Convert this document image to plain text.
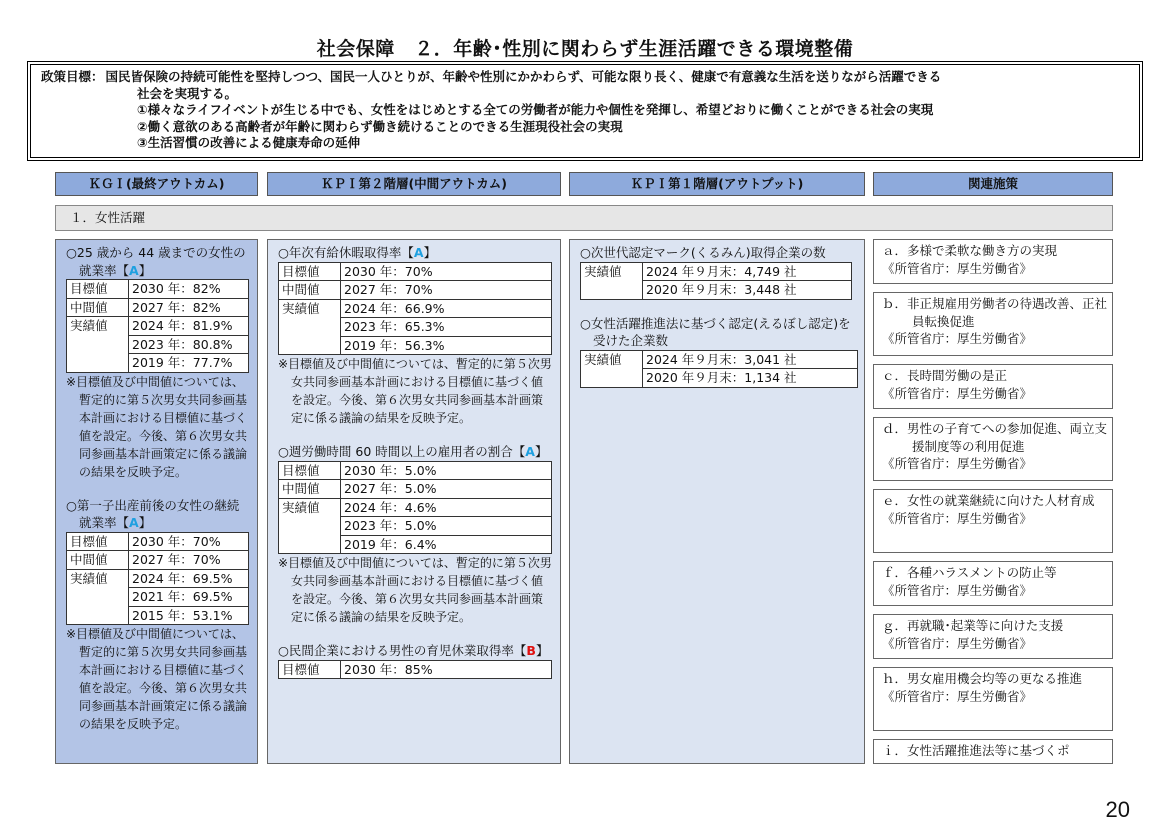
社会保障　２．年齢･性別に関わらず生涯活躍できる環境整備
政策目標： 国民皆保険の持続可能性を堅持しつつ、国民一人ひとりが、年齢や性別にかかわらず、可能な限り長く、健康で有意義な生活を送りながら活躍できる
社会を実現する。
①様々なライフイベントが生じる中でも、女性をはじめとする全ての労働者が能力や個性を発揮し、希望どおりに働くことができる社会の実現
②働く意欲のある高齢者が年齢に関わらず働き続けることのできる生涯現役社会の実現
③生活習慣の改善による健康寿命の延伸
ＫＧＩ(最終アウトカム)	ＫＰＩ第２階層(中間アウトカム)	ＫＰＩ第１階層(アウトプット)	関連施策
１．女性活躍
○25 歳から 44 歳までの女性の就業率【A】
目標値	2030 年：82%
中間値	2027 年：82%
実績値	2024 年：81.9%
	2023 年：80.8%
	2019 年：77.7%
※目標値及び中間値については、暫定的に第５次男女共同参画基本計画における目標値に基づく値を設定。今後、第６次男女共同参画基本計画策定に係る議論の結果を反映予定。
○第一子出産前後の女性の継続就業率【A】
目標値	2030 年：70%
中間値	2027 年：70%
実績値	2024 年：69.5%
	2021 年：69.5%
	2015 年：53.1%
※目標値及び中間値については、暫定的に第５次男女共同参画基本計画における目標値に基づく値を設定。今後、第６次男女共同参画基本計画策定に係る議論の結果を反映予定。
○年次有給休暇取得率【A】
目標値	2030 年：70%
中間値	2027 年：70%
実績値	2024 年：66.9%
	2023 年：65.3%
	2019 年：56.3%
※目標値及び中間値については、暫定的に第５次男女共同参画基本計画における目標値に基づく値を設定。今後、第６次男女共同参画基本計画策定に係る議論の結果を反映予定。
○週労働時間 60 時間以上の雇用者の割合【A】
目標値	2030 年：5.0%
中間値	2027 年：5.0%
実績値	2024 年：4.6%
	2023 年：5.0%
	2019 年：6.4%
※目標値及び中間値については、暫定的に第５次男女共同参画基本計画における目標値に基づく値を設定。今後、第６次男女共同参画基本計画策定に係る議論の結果を反映予定。
○民間企業における男性の育児休業取得率【B】
目標値	2030 年：85%
○次世代認定マーク(くるみん)取得企業の数
実績値	2024 年９月末：4,749 社
2020 年９月末：3,448 社
○女性活躍推進法に基づく認定(えるぼし認定)を受けた企業数
実績値	2024 年９月末：3,041 社
2020 年９月末：1,134 社
ａ．多様で柔軟な働き方の実現
《所管省庁：厚生労働省》
ｂ．非正規雇用労働者の待遇改善、正社員転換促進
《所管省庁：厚生労働省》
ｃ．長時間労働の是正
《所管省庁：厚生労働省》
ｄ．男性の子育てへの参加促進、両立支援制度等の利用促進
《所管省庁：厚生労働省》
ｅ．女性の就業継続に向けた人材育成
《所管省庁：厚生労働省》
ｆ．各種ハラスメントの防止等
《所管省庁：厚生労働省》
ｇ．再就職･起業等に向けた支援
《所管省庁：厚生労働省》
ｈ．男女雇用機会均等の更なる推進
《所管省庁：厚生労働省》
ｉ．女性活躍推進法等に基づくポ
20
